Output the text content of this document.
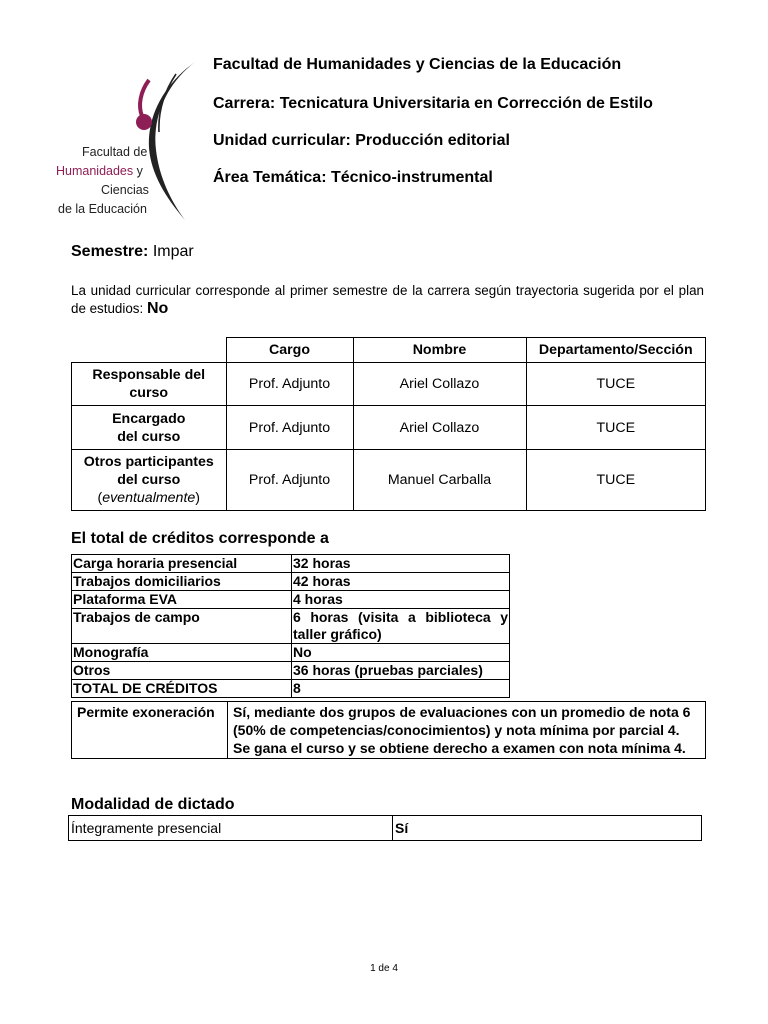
Facultad de
Humanidades y
Ciencias
de la Educación
Facultad de Humanidades y Ciencias de la Educación
Carrera: Tecnicatura Universitaria en Corrección de Estilo
Unidad curricular: Producción editorial
Área Temática: Técnico-instrumental
Semestre: Impar
La unidad curricular corresponde al primer semestre de la carrera según trayectoria sugerida por el plan de estudios: No
	Cargo	Nombre	Departamento/Sección
Responsable del
curso	Prof. Adjunto	Ariel Collazo	TUCE
Encargado
del curso	Prof. Adjunto	Ariel Collazo	TUCE
Otros participantes
del curso
(eventualmente)	Prof. Adjunto	Manuel Carballa	TUCE
El total de créditos corresponde a
Carga horaria presencial	32 horas
Trabajos domiciliarios	42 horas
Plataforma EVA	4 horas
Trabajos de campo	6 horas (visita a biblioteca y taller gráfico)
Monografía	No
Otros	36 horas (pruebas parciales)
TOTAL DE CRÉDITOS	8
Permite exoneración	Sí, mediante dos grupos de evaluaciones con un promedio de nota 6 (50% de competencias/conocimientos) y nota mínima por parcial 4. Se gana el curso y se obtiene derecho a examen con nota mínima 4.
Modalidad de dictado
Íntegramente presencial	Sí
1 de 4
